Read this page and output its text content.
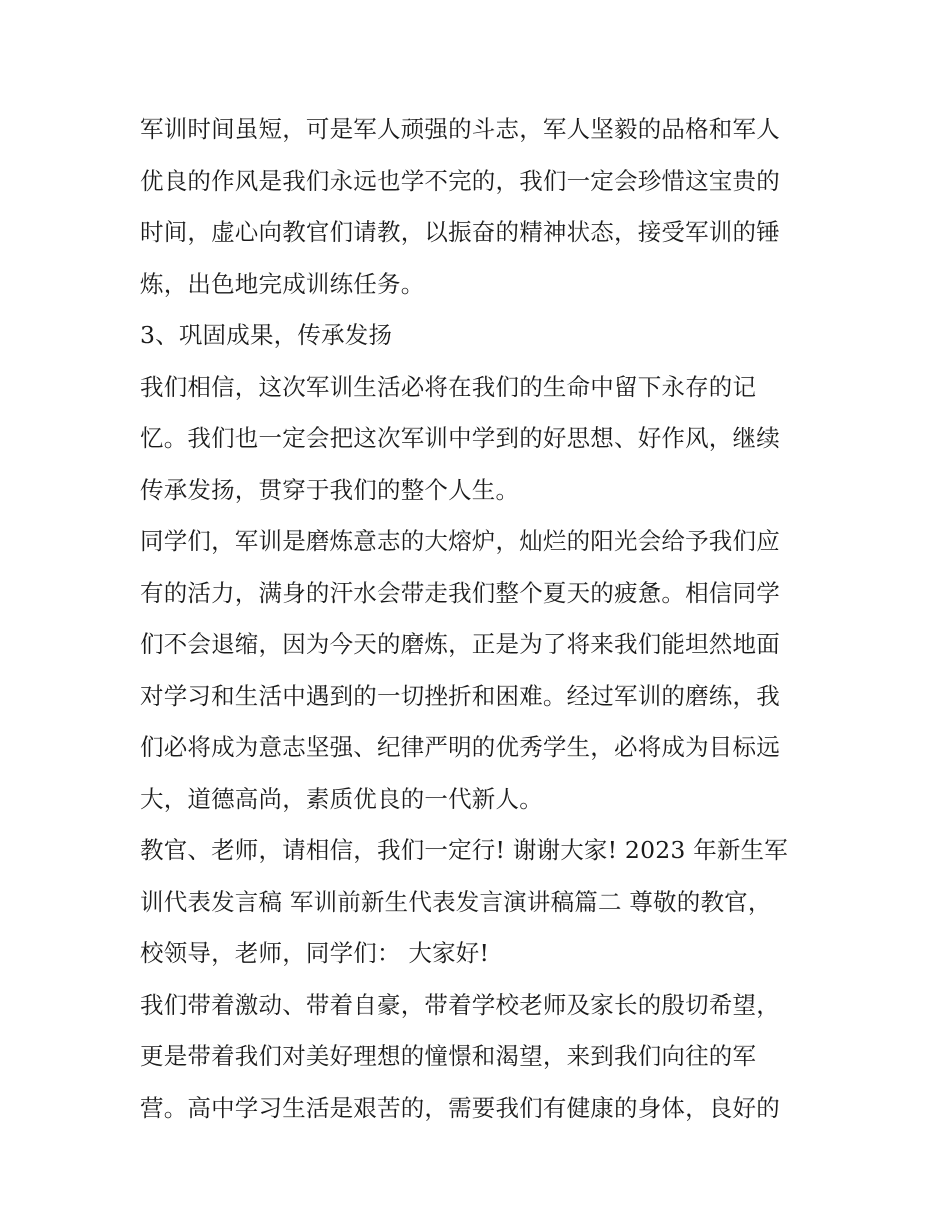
军训时间虽短，可是军人顽强的斗志，军人坚毅的品格和军人
优良的作风是我们永远也学不完的，我们一定会珍惜这宝贵的
时间，虚心向教官们请教，以振奋的精神状态，接受军训的锤
炼，出色地完成训练任务。
3、巩固成果，传承发扬
我们相信，这次军训生活必将在我们的生命中留下永存的记
忆。我们也一定会把这次军训中学到的好思想、好作风，继续
传承发扬，贯穿于我们的整个人生。
同学们，军训是磨炼意志的大熔炉，灿烂的阳光会给予我们应
有的活力，满身的汗水会带走我们整个夏天的疲惫。相信同学
们不会退缩，因为今天的磨炼，正是为了将来我们能坦然地面
对学习和生活中遇到的一切挫折和困难。经过军训的磨练，我
们必将成为意志坚强、纪律严明的优秀学生，必将成为目标远
大，道德高尚，素质优良的一代新人。
教官、老师，请相信，我们一定行! 谢谢大家! 2023 年新生军
训代表发言稿 军训前新生代表发言演讲稿篇二 尊敬的教官，
校领导，老师，同学们： 大家好!
我们带着激动、带着自豪，带着学校老师及家长的殷切希望，
更是带着我们对美好理想的憧憬和渴望，来到我们向往的军
营。高中学习生活是艰苦的，需要我们有健康的身体，良好的
